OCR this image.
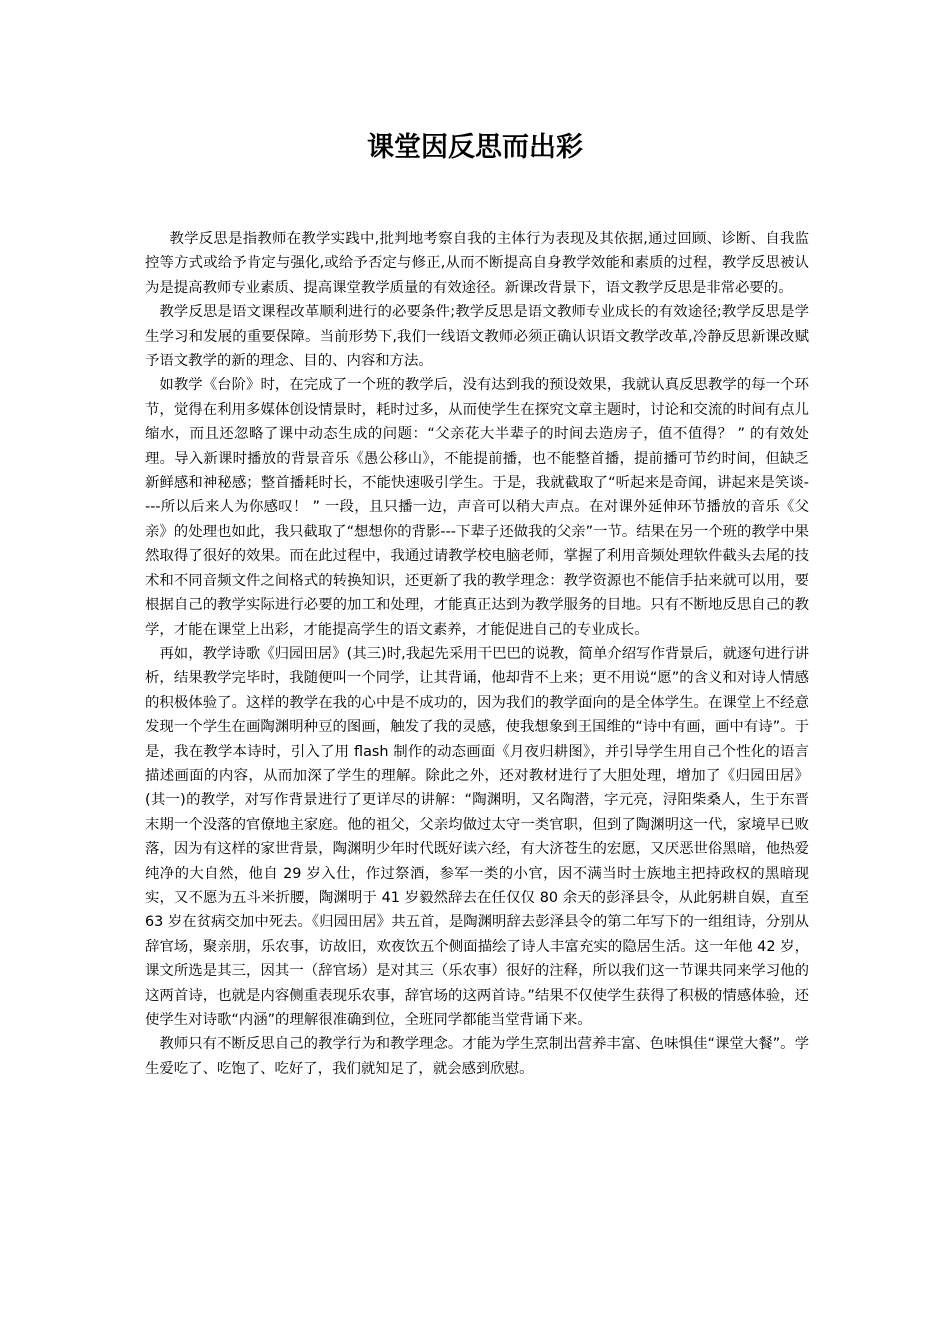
课堂因反思而出彩

教学反思是指教师在教学实践中,批判地考察自我的主体行为表现及其依据,通过回顾、诊断、自我监控等方式或给予肯定与强化,或给予否定与修正,从而不断提高自身教学效能和素质的过程，教学反思被认为是提高教师专业素质、提高课堂教学质量的有效途径。新课改背景下，语文教学反思是非常必要的。

教学反思是语文课程改革顺利进行的必要条件;教学反思是语文教师专业成长的有效途径;教学反思是学生学习和发展的重要保障。当前形势下,我们一线语文教师必须正确认识语文教学改革,冷静反思新课改赋予语文教学的新的理念、目的、内容和方法。

如教学《台阶》时，在完成了一个班的教学后，没有达到我的预设效果，我就认真反思教学的每一个环节，觉得在利用多媒体创设情景时，耗时过多，从而使学生在探究文章主题时，讨论和交流的时间有点儿缩水，而且还忽略了课中动态生成的问题：“父亲花大半辈子的时间去造房子，值不值得？ ” 的有效处理。导入新课时播放的背景音乐《愚公移山》，不能提前播，也不能整首播，提前播可节约时间，但缺乏新鲜感和神秘感；整首播耗时长，不能快速吸引学生。于是，我就截取了“听起来是奇闻，讲起来是笑谈----所以后来人为你感叹！ ” 一段，且只播一边，声音可以稍大声点。在对课外延伸环节播放的音乐《父亲》的处理也如此，我只截取了“想想你的背影---下辈子还做我的父亲”一节。结果在另一个班的教学中果然取得了很好的效果。而在此过程中，我通过请教学校电脑老师，掌握了利用音频处理软件截头去尾的技术和不同音频文件之间格式的转换知识，还更新了我的教学理念：教学资源也不能信手拈来就可以用，要根据自己的教学实际进行必要的加工和处理，才能真正达到为教学服务的目地。只有不断地反思自己的教学，才能在课堂上出彩，才能提高学生的语文素养，才能促进自己的专业成长。

再如，教学诗歌《归园田居》(其三)时,我起先采用干巴巴的说教，简单介绍写作背景后，就逐句进行讲析，结果教学完毕时，我随便叫一个同学，让其背诵，他却背不上来；更不用说“愿”的含义和对诗人情感的积极体验了。这样的教学在我的心中是不成功的，因为我们的教学面向的是全体学生。在课堂上不经意发现一个学生在画陶渊明种豆的图画，触发了我的灵感，使我想象到王国维的“诗中有画，画中有诗”。于是，我在教学本诗时，引入了用 flash 制作的动态画面《月夜归耕图》，并引导学生用自己个性化的语言描述画面的内容，从而加深了学生的理解。除此之外，还对教材进行了大胆处理，增加了《归园田居》(其一)的教学，对写作背景进行了更详尽的讲解：“陶渊明，又名陶潜，字元亮，浔阳柴桑人，生于东晋末期一个没落的官僚地主家庭。他的祖父，父亲均做过太守一类官职，但到了陶渊明这一代，家境早已败落，因为有这样的家世背景，陶渊明少年时代既好读六经，有大济苍生的宏愿，又厌恶世俗黑暗，他热爱纯净的大自然，他自 29 岁入仕，作过祭酒，参军一类的小官，因不满当时士族地主把持政权的黑暗现实，又不愿为五斗米折腰，陶渊明于 41 岁毅然辞去在任仅仅 80 余天的彭泽县令，从此躬耕自娱，直至 63 岁在贫病交加中死去。《归园田居》共五首，是陶渊明辞去彭泽县令的第二年写下的一组组诗，分别从辞官场，聚亲朋，乐农事，访故旧，欢夜饮五个侧面描绘了诗人丰富充实的隐居生活。这一年他 42 岁，课文所选是其三，因其一（辞官场）是对其三（乐农事）很好的注释，所以我们这一节课共同来学习他的这两首诗，也就是内容侧重表现乐农事，辞官场的这两首诗。”结果不仅使学生获得了积极的情感体验，还使学生对诗歌“内涵”的理解很准确到位，全班同学都能当堂背诵下来。

教师只有不断反思自己的教学行为和教学理念。才能为学生烹制出营养丰富、色味惧佳“课堂大餐”。学生爱吃了、吃饱了、吃好了，我们就知足了，就会感到欣慰。
